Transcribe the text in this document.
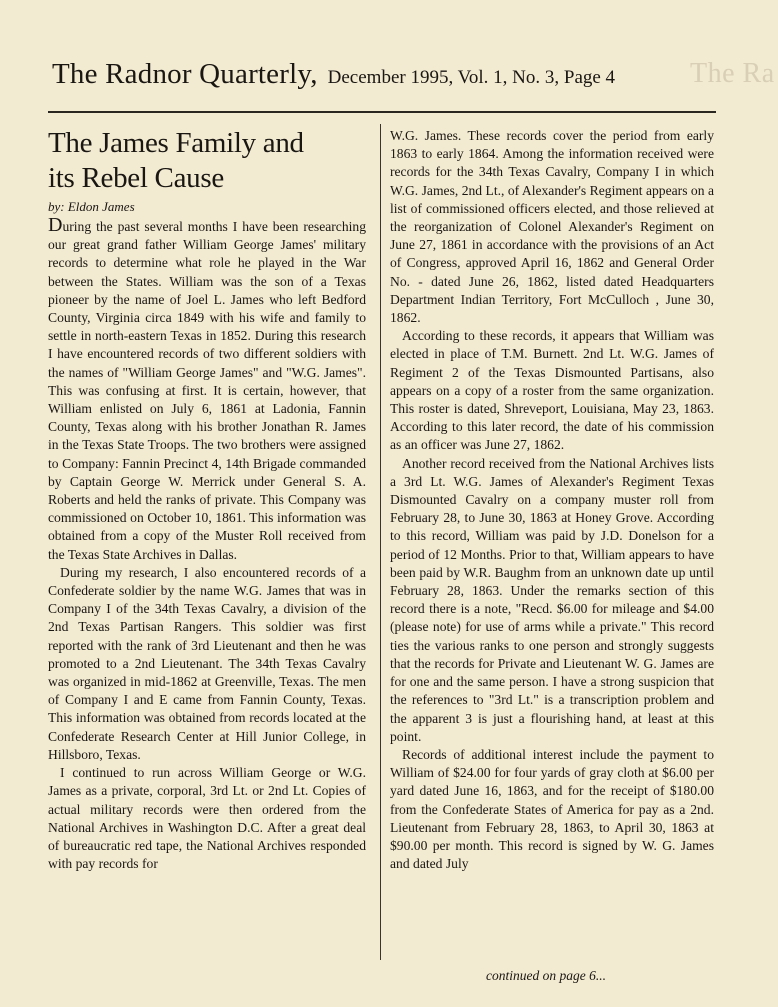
The Ra
The Radnor Quarterly, December 1995, Vol. 1, No. 3, Page 4
The James Family and
its Rebel Cause
by: Eldon James

During the past several months I have been researching our great grand father William George James' military records to determine what role he played in the War between the States. William was the son of a Texas pioneer by the name of Joel L. James who left Bedford County, Virginia circa 1849 with his wife and family to settle in north-eastern Texas in 1852. During this research I have encountered records of two different soldiers with the names of "William George James" and "W.G. James". This was confusing at first. It is certain, however, that William enlisted on July 6, 1861 at Ladonia, Fannin County, Texas along with his brother Jonathan R. James in the Texas State Troops. The two brothers were assigned to Company: Fannin Precinct 4, 14th Brigade commanded by Captain George W. Merrick under General S. A. Roberts and held the ranks of private. This Company was commissioned on October 10, 1861. This information was obtained from a copy of the Muster Roll received from the Texas State Archives in Dallas.

During my research, I also encountered records of a Confederate soldier by the name W.G. James that was in Company I of the 34th Texas Cavalry, a division of the 2nd Texas Partisan Rangers. This soldier was first reported with the rank of 3rd Lieutenant and then he was promoted to a 2nd Lieutenant. The 34th Texas Cavalry was organized in mid-1862 at Greenville, Texas. The men of Company I and E came from Fannin County, Texas. This information was obtained from records located at the Confederate Research Center at Hill Junior College, in Hillsboro, Texas.

I continued to run across William George or W.G. James as a private, corporal, 3rd Lt. or 2nd Lt. Copies of actual military records were then ordered from the National Archives in Washington D.C. After a great deal of bureaucratic red tape, the National Archives responded with pay records for

W.G. James. These records cover the period from early 1863 to early 1864. Among the information received were records for the 34th Texas Cavalry, Company I in which W.G. James, 2nd Lt., of Alexander's Regiment appears on a list of commissioned officers elected, and those relieved at the reorganization of Colonel Alexander's Regiment on June 27, 1861 in accordance with the provisions of an Act of Congress, approved April 16, 1862 and General Order No. - dated June 26, 1862, listed dated Headquarters Department Indian Territory, Fort McCulloch , June 30, 1862.

According to these records, it appears that William was elected in place of T.M. Burnett. 2nd Lt. W.G. James of Regiment 2 of the Texas Dismounted Partisans, also appears on a copy of a roster from the same organization. This roster is dated, Shreveport, Louisiana, May 23, 1863. According to this later record, the date of his commission as an officer was June 27, 1862.

Another record received from the National Archives lists a 3rd Lt. W.G. James of Alexander's Regiment Texas Dismounted Cavalry on a company muster roll from February 28, to June 30, 1863 at Honey Grove. According to this record, William was paid by J.D. Donelson for a period of 12 Months. Prior to that, William appears to have been paid by W.R. Baughm from an unknown date up until February 28, 1863. Under the remarks section of this record there is a note, "Recd. $6.00 for mileage and $4.00 (please note) for use of arms while a private." This record ties the various ranks to one person and strongly suggests that the records for Private and Lieutenant W. G. James are for one and the same person. I have a strong suspicion that the references to "3rd Lt." is a transcription problem and the apparent 3 is just a flourishing hand, at least at this point.

Records of additional interest include the payment to William of $24.00 for four yards of gray cloth at $6.00 per yard dated June 16, 1863, and for the receipt of $180.00 from the Confederate States of America for pay as a 2nd. Lieutenant from February 28, 1863, to April 30, 1863 at $90.00 per month. This record is signed by W. G. James and dated July

continued on page 6...
